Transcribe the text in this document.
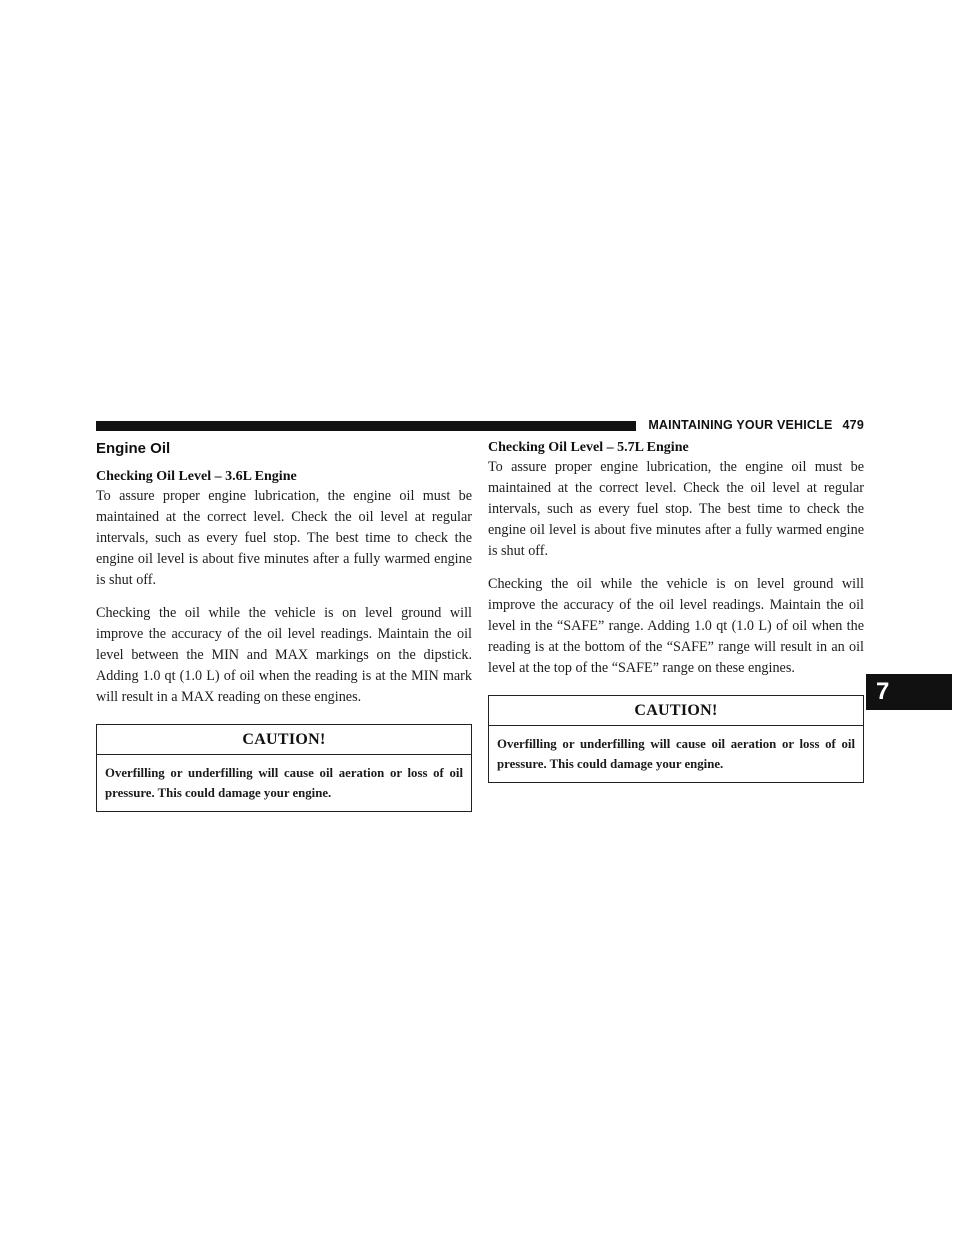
MAINTAINING YOUR VEHICLE 479
Engine Oil
Checking Oil Level – 3.6L Engine

To assure proper engine lubrication, the engine oil must be maintained at the correct level. Check the oil level at regular intervals, such as every fuel stop. The best time to check the engine oil level is about five minutes after a fully warmed engine is shut off.

Checking the oil while the vehicle is on level ground will improve the accuracy of the oil level readings. Maintain the oil level between the MIN and MAX markings on the dipstick. Adding 1.0 qt (1.0 L) of oil when the reading is at the MIN mark will result in a MAX reading on these engines.

CAUTION!
Overfilling or underfilling will cause oil aeration or loss of oil pressure. This could damage your engine.
Checking Oil Level – 5.7L Engine

To assure proper engine lubrication, the engine oil must be maintained at the correct level. Check the oil level at regular intervals, such as every fuel stop. The best time to check the engine oil level is about five minutes after a fully warmed engine is shut off.

Checking the oil while the vehicle is on level ground will improve the accuracy of the oil level readings. Maintain the oil level in the “SAFE” range. Adding 1.0 qt (1.0 L) of oil when the reading is at the bottom of the “SAFE” range will result in an oil level at the top of the “SAFE” range on these engines.

CAUTION!
Overfilling or underfilling will cause oil aeration or loss of oil pressure. This could damage your engine.
7
